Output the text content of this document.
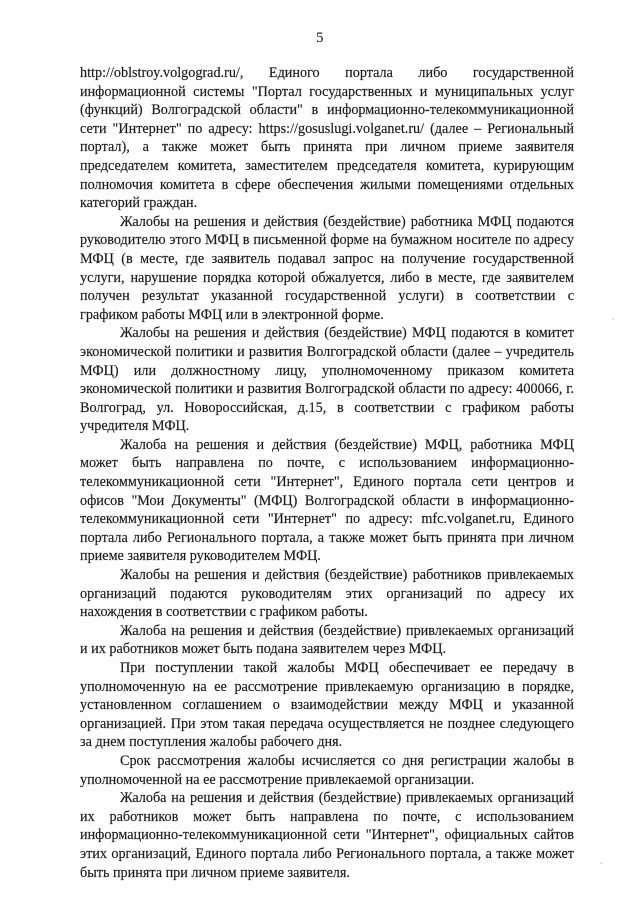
5

http://oblstroy.volgograd.ru/, Единого портала либо государственной информационной системы "Портал государственных и муниципальных услуг (функций) Волгоградской области" в информационно-телекоммуникационной сети "Интернет" по адресу: https://gosuslugi.volganet.ru/ (далее – Региональный портал), а также может быть принята при личном приеме заявителя председателем комитета, заместителем председателя комитета, курирующим полномочия комитета в сфере обеспечения жилыми помещениями отдельных категорий граждан.

Жалобы на решения и действия (бездействие) работника МФЦ подаются руководителю этого МФЦ в письменной форме на бумажном носителе по адресу МФЦ (в месте, где заявитель подавал запрос на получение государственной услуги, нарушение порядка которой обжалуется, либо в месте, где заявителем получен результат указанной государственной услуги) в соответствии с графиком работы МФЦ или в электронной форме.

Жалобы на решения и действия (бездействие) МФЦ подаются в комитет экономической политики и развития Волгоградской области (далее – учредитель МФЦ) или должностному лицу, уполномоченному приказом комитета экономической политики и развития Волгоградской области по адресу: 400066, г. Волгоград, ул. Новороссийская, д.15, в соответствии с графиком работы учредителя МФЦ.

Жалоба на решения и действия (бездействие) МФЦ, работника МФЦ может быть направлена по почте, с использованием информационно-телекоммуникационной сети "Интернет", Единого портала сети центров и офисов "Мои Документы" (МФЦ) Волгоградской области в информационно-телекоммуникационной сети "Интернет" по адресу: mfc.volganet.ru, Единого портала либо Регионального портала, а также может быть принята при личном приеме заявителя руководителем МФЦ.

Жалобы на решения и действия (бездействие) работников привлекаемых организаций подаются руководителям этих организаций по адресу их нахождения в соответствии с графиком работы.

Жалоба на решения и действия (бездействие) привлекаемых организаций и их работников может быть подана заявителем через МФЦ.

При поступлении такой жалобы МФЦ обеспечивает ее передачу в уполномоченную на ее рассмотрение привлекаемую организацию в порядке, установленном соглашением о взаимодействии между МФЦ и указанной организацией. При этом такая передача осуществляется не позднее следующего за днем поступления жалобы рабочего дня.

Срок рассмотрения жалобы исчисляется со дня регистрации жалобы в уполномоченной на ее рассмотрение привлекаемой организации.

Жалоба на решения и действия (бездействие) привлекаемых организаций их работников может быть направлена по почте, с использованием информационно-телекоммуникационной сети "Интернет", официальных сайтов этих организаций, Единого портала либо Регионального портала, а также может быть принята при личном приеме заявителя.
